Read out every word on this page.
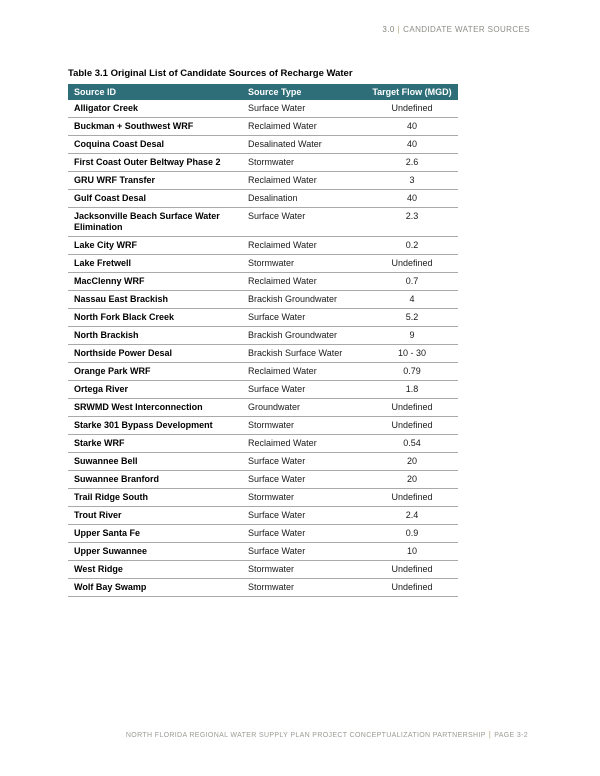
3.0 | CANDIDATE WATER SOURCES
Table 3.1 Original List of Candidate Sources of Recharge Water
Source ID	Source Type	Target Flow (MGD)
Alligator Creek	Surface Water	Undefined
Buckman + Southwest WRF	Reclaimed Water	40
Coquina Coast Desal	Desalinated Water	40
First Coast Outer Beltway Phase 2	Stormwater	2.6
GRU WRF Transfer	Reclaimed Water	3
Gulf Coast Desal	Desalination	40
Jacksonville Beach Surface Water Elimination	Surface Water	2.3
Lake City WRF	Reclaimed Water	0.2
Lake Fretwell	Stormwater	Undefined
MacClenny WRF	Reclaimed Water	0.7
Nassau East Brackish	Brackish Groundwater	4
North Fork Black Creek	Surface Water	5.2
North Brackish	Brackish Groundwater	9
Northside Power Desal	Brackish Surface Water	10 - 30
Orange Park WRF	Reclaimed Water	0.79
Ortega River	Surface Water	1.8
SRWMD West Interconnection	Groundwater	Undefined
Starke 301 Bypass Development	Stormwater	Undefined
Starke WRF	Reclaimed Water	0.54
Suwannee Bell	Surface Water	20
Suwannee Branford	Surface Water	20
Trail Ridge South	Stormwater	Undefined
Trout River	Surface Water	2.4
Upper Santa Fe	Surface Water	0.9
Upper Suwannee	Surface Water	10
West Ridge	Stormwater	Undefined
Wolf Bay Swamp	Stormwater	Undefined
NORTH FLORIDA REGIONAL WATER SUPPLY PLAN PROJECT CONCEPTUALIZATION PARTNERSHIP | PAGE 3-2
